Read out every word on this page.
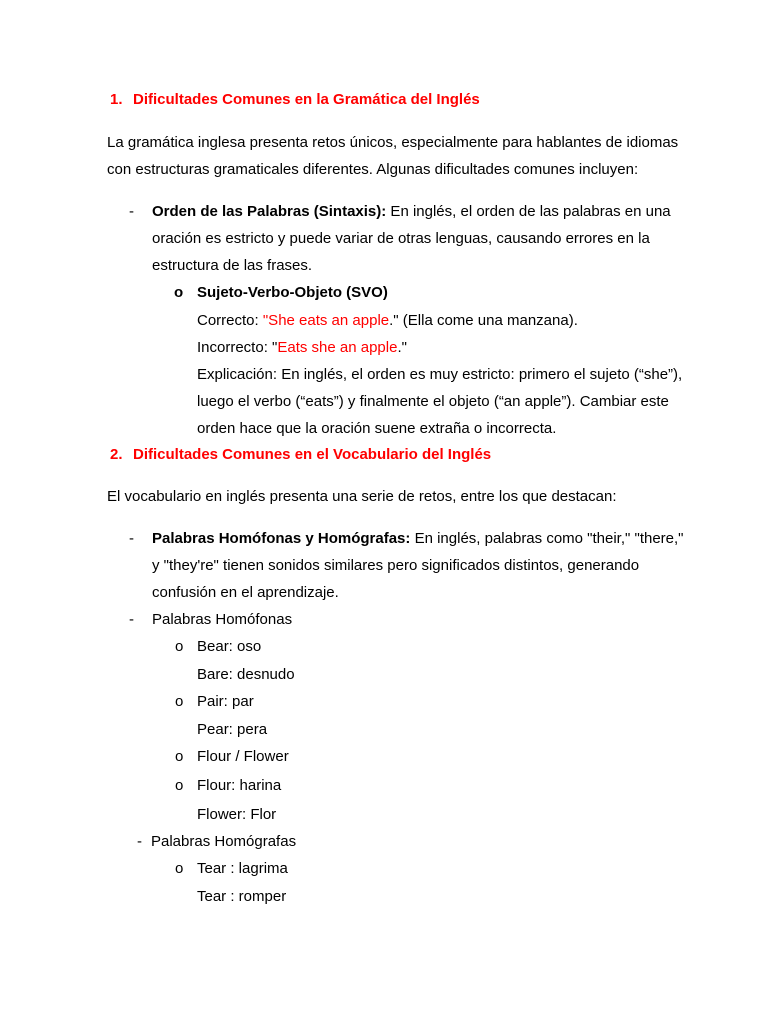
1. Dificultades Comunes en la Gramática del Inglés
La gramática inglesa presenta retos únicos, especialmente para hablantes de idiomas
con estructuras gramaticales diferentes. Algunas dificultades comunes incluyen:
- Orden de las Palabras (Sintaxis): En inglés, el orden de las palabras en una
oración es estricto y puede variar de otras lenguas, causando errores en la
estructura de las frases.
o Sujeto-Verbo-Objeto (SVO)
Correcto: "She eats an apple." (Ella come una manzana).
Incorrecto: "Eats she an apple."
Explicación: En inglés, el orden es muy estricto: primero el sujeto (“she”),
luego el verbo (“eats”) y finalmente el objeto (“an apple”). Cambiar este
orden hace que la oración suene extraña o incorrecta.
2. Dificultades Comunes en el Vocabulario del Inglés
El vocabulario en inglés presenta una serie de retos, entre los que destacan:
- Palabras Homófonas y Homógrafas: En inglés, palabras como "their," "there,"
y "they're" tienen sonidos similares pero significados distintos, generando
confusión en el aprendizaje.
- Palabras Homófonas
o Bear: oso
Bare: desnudo
o Pair: par
Pear: pera
o Flour / Flower
o Flour: harina
Flower: Flor
- Palabras Homógrafas
o Tear : lagrima
Tear : romper
